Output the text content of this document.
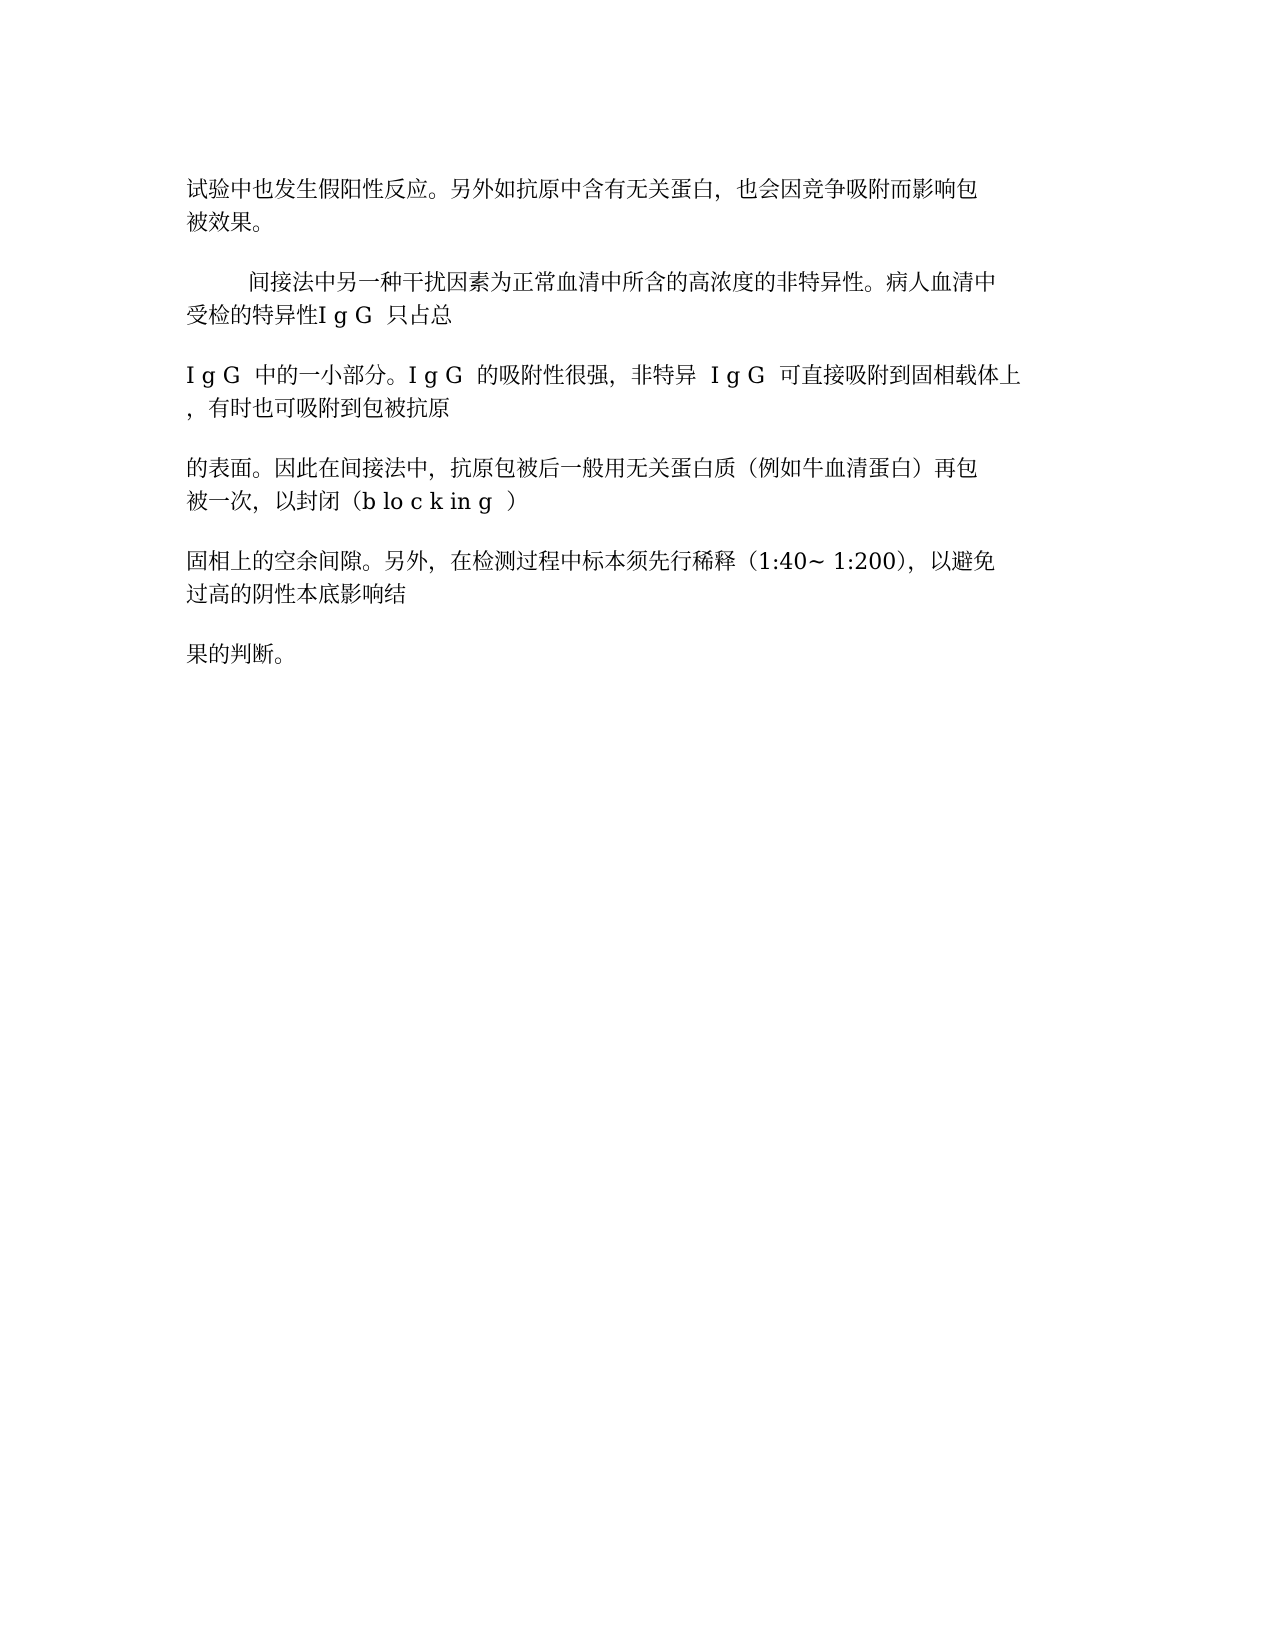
试验中也发生假阳性反应。另外如抗原中含有无关蛋白，也会因竞争吸附而影响包
被效果。

间接法中另一种干扰因素为正常血清中所含的高浓度的非特异性。病人血清中
受检的特异性I g G  只占总

I g G  中的一小部分。I g G  的吸附性很强，非特异  I g G  可直接吸附到固相载体上
，有时也可吸附到包被抗原

的表面。因此在间接法中，抗原包被后一般用无关蛋白质（例如牛血清蛋白）再包
被一次，以封闭（b lo c k in g  ）

固相上的空余间隙。另外，在检测过程中标本须先行稀释（1:40~ 1:200），以避免
过高的阴性本底影响结

果的判断。
